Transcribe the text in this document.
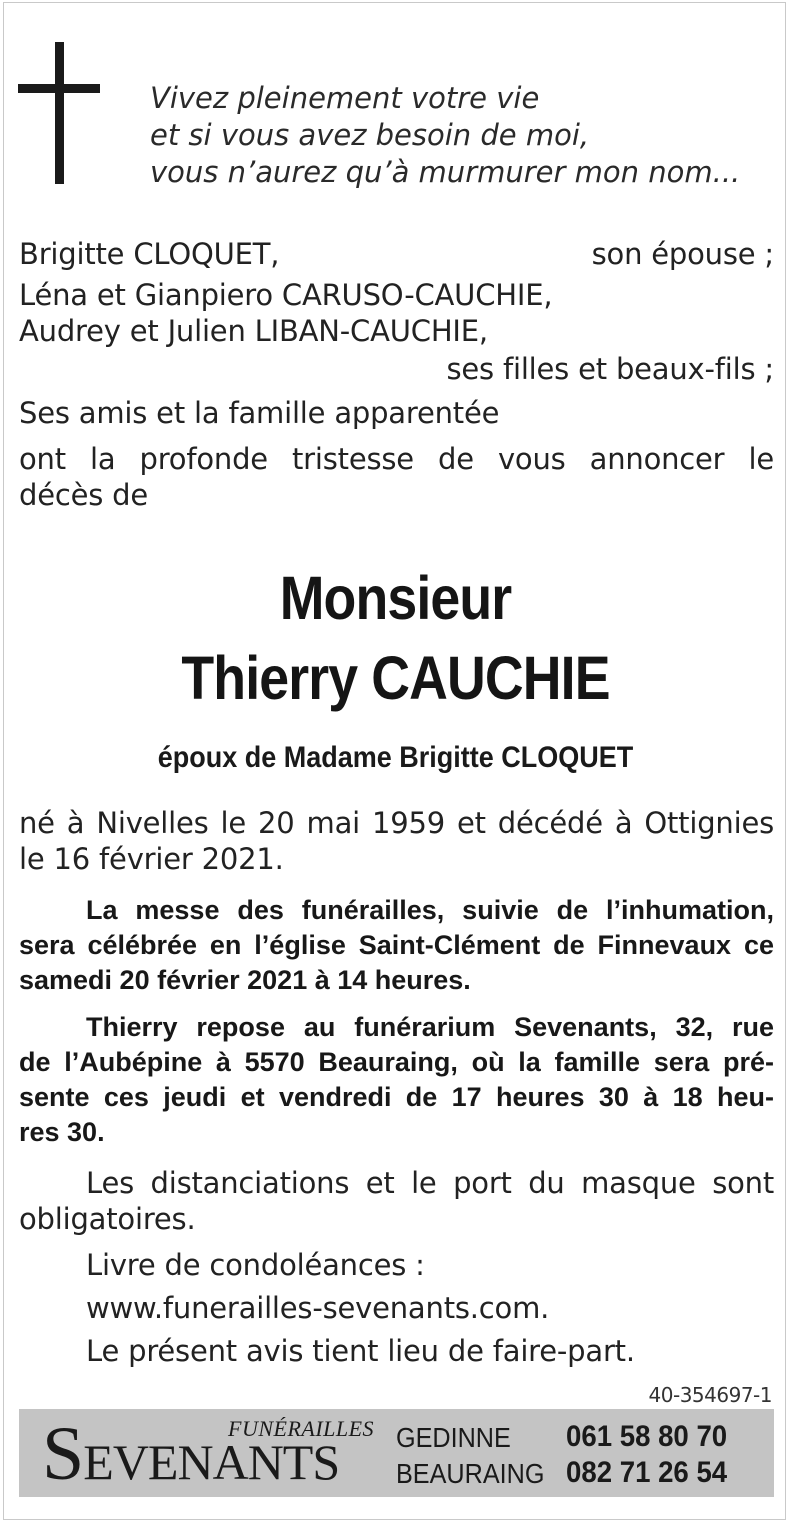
Vivez pleinement votre vie
et si vous avez besoin de moi,
vous n’aurez qu’à murmurer mon nom...
Brigitte CLOQUET,	son épouse ;
Léna et Gianpiero CARUSO-CAUCHIE,
Audrey et Julien LIBAN-CAUCHIE,
ses filles et beaux-fils ;
Ses amis et la famille apparentée
ont la profonde tristesse de vous annoncer le
décès de
Monsieur
Thierry CAUCHIE
époux de Madame Brigitte CLOQUET
né à Nivelles le 20 mai 1959 et décédé à Ottignies
le 16 février 2021.
La messe des funérailles, suivie de l’inhumation,
sera célébrée en l’église Saint-Clément de Finnevaux ce
samedi 20 février 2021 à 14 heures.
Thierry repose au funérarium Sevenants, 32, rue
de l’Aubépine à 5570 Beauraing, où la famille sera pré-
sente ces jeudi et vendredi de 17 heures 30 à 18 heu-
res 30.
Les distanciations et le port du masque sont
obligatoires.
Livre de condoléances :
www.funerailles-sevenants.com.
Le présent avis tient lieu de faire-part.
40-354697-1
FUNÉRAILLES
SEVENANTS GEDINNE 061 58 80 70
BEAURAING 082 71 26 54
